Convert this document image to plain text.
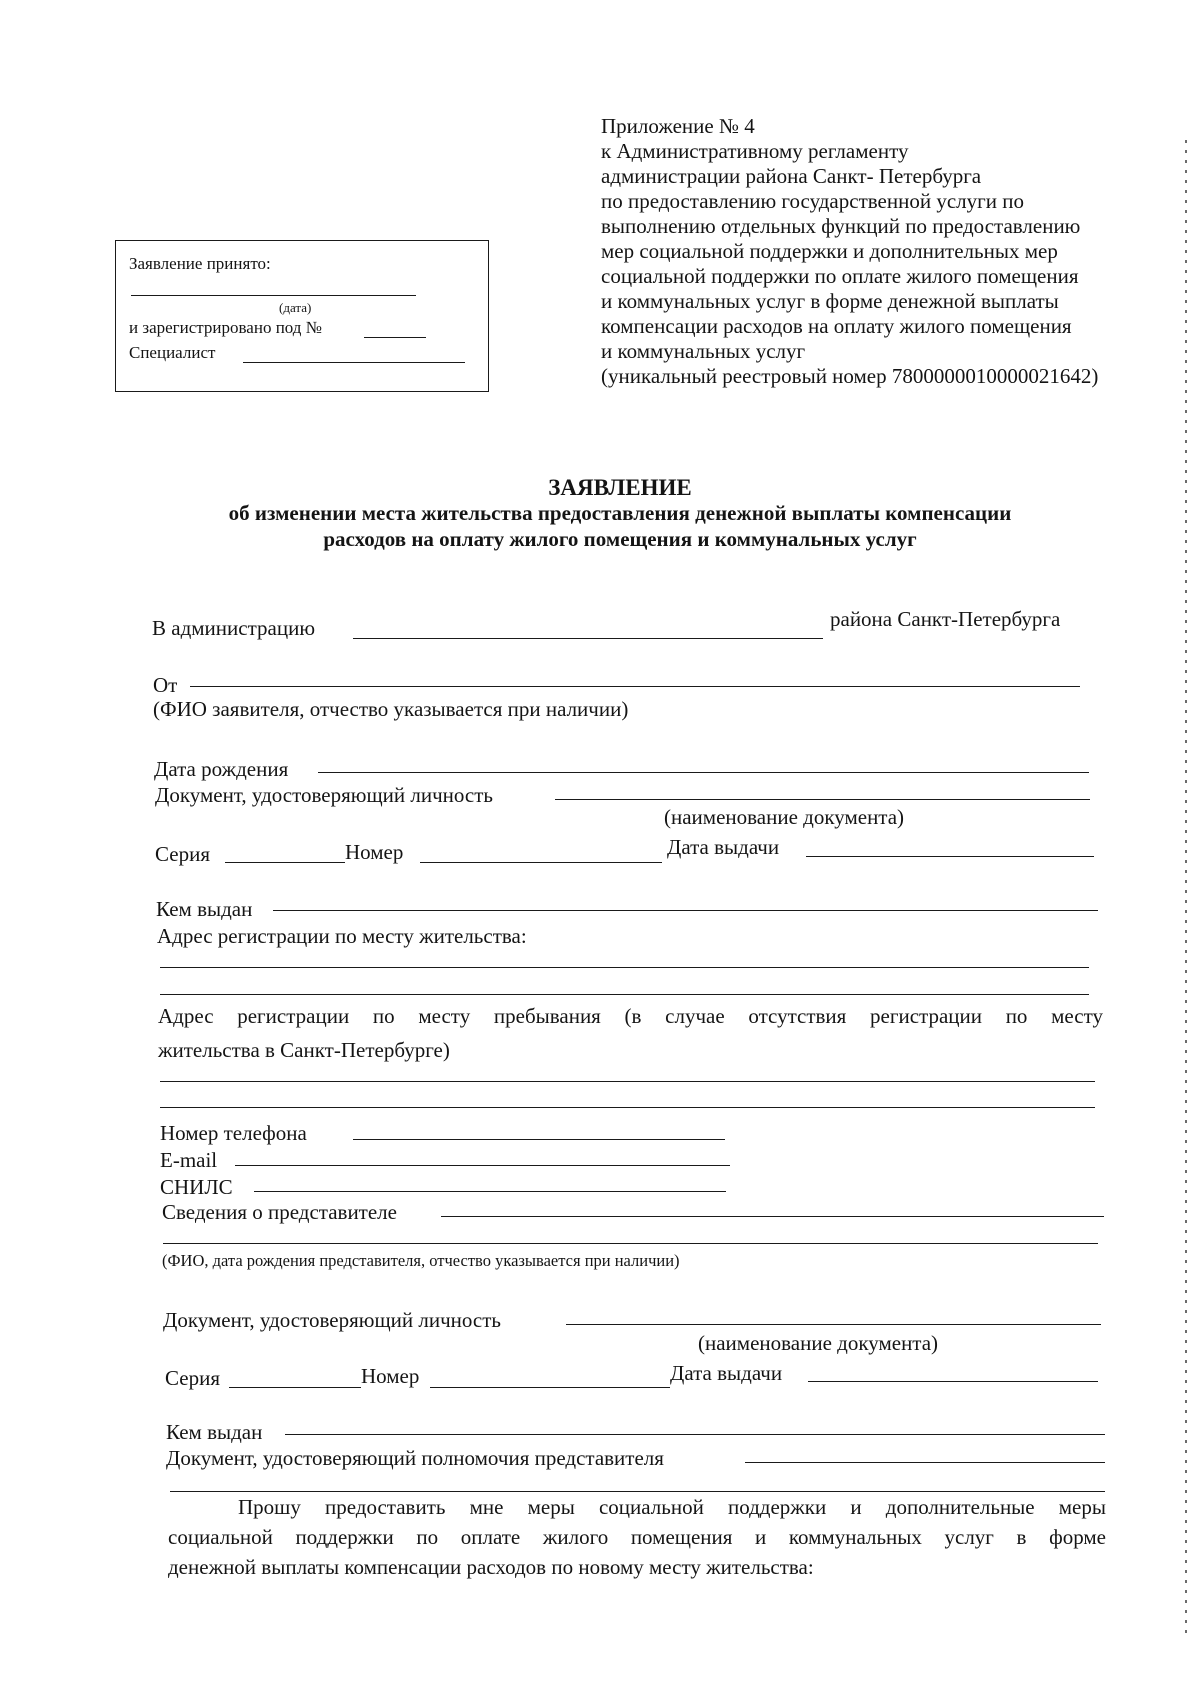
Приложение № 4
к Административному регламенту
администрации района Санкт- Петербурга
по предоставлению государственной услуги по
выполнению отдельных функций по предоставлению
мер социальной поддержки и дополнительных мер
социальной поддержки по оплате жилого помещения
и коммунальных услуг в форме денежной выплаты
компенсации расходов на оплату жилого помещения
и коммунальных услуг
(уникальный реестровый номер 7800000010000021642)
Заявление принято:
(дата)
и зарегистрировано под №
Специалист
ЗАЯВЛЕНИЕ
об изменении места жительства предоставления денежной выплаты компенсации
расходов на оплату жилого помещения и коммунальных услуг
В администрацию	района Санкт-Петербурга
От
(ФИО заявителя, отчество указывается при наличии)
Дата рождения
Документ, удостоверяющий личность
(наименование документа)
Серия	Номер	Дата выдачи
Кем выдан
Адрес регистрации по месту жительства:
Адрес регистрации по месту пребывания (в случае отсутствия регистрации по месту
жительства в Санкт-Петербурге)
Номер телефона
E-mail
СНИЛС
Сведения о представителе
(ФИО, дата рождения представителя, отчество указывается при наличии)
Документ, удостоверяющий личность
(наименование документа)
Серия	Номер	Дата выдачи
Кем выдан
Документ, удостоверяющий полномочия представителя
Прошу предоставить мне меры социальной поддержки и дополнительные меры
социальной поддержки по оплате жилого помещения и коммунальных услуг в форме
денежной выплаты компенсации расходов по новому месту жительства:
